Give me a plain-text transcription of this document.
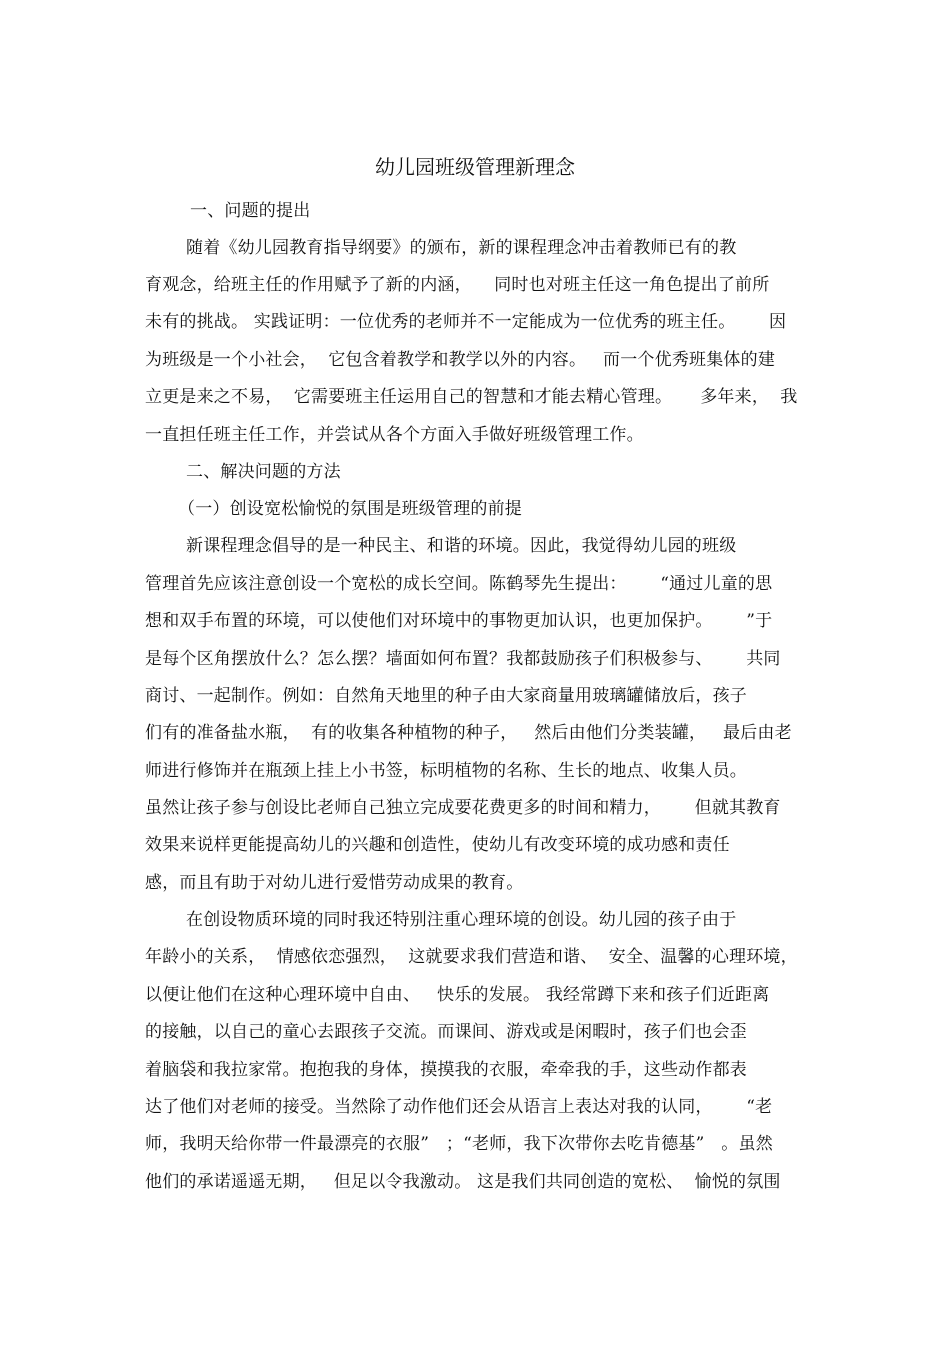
幼儿园班级管理新理念
一、问题的提出
随着《幼儿园教育指导纲要》的颁布，新的课程理念冲击着教师已有的教
育观念，给班主任的作用赋予了新的内涵，    同时也对班主任这一角色提出了前所
未有的挑战。 实践证明：一位优秀的老师并不一定能成为一位优秀的班主任。      因
为班级是一个小社会，  它包含着教学和教学以外的内容。   而一个优秀班集体的建
立更是来之不易，  它需要班主任运用自己的智慧和才能去精心管理。     多年来，  我
一直担任班主任工作，并尝试从各个方面入手做好班级管理工作。
二、解决问题的方法
（一）创设宽松愉悦的氛围是班级管理的前提
新课程理念倡导的是一种民主、和谐的环境。因此，我觉得幼儿园的班级
管理首先应该注意创设一个宽松的成长空间。陈鹤琴先生提出：      “通过儿童的思
想和双手布置的环境，可以使他们对环境中的事物更加认识，也更加保护。      ”于
是每个区角摆放什么？怎么摆？墙面如何布置？我都鼓励孩子们积极参与、      共同
商讨、一起制作。例如：自然角天地里的种子由大家商量用玻璃罐储放后，孩子
们有的准备盐水瓶，  有的收集各种植物的种子，   然后由他们分类装罐，   最后由老
师进行修饰并在瓶颈上挂上小书签，标明植物的名称、生长的地点、收集人员。
虽然让孩子参与创设比老师自己独立完成要花费更多的时间和精力，      但就其教育
效果来说样更能提高幼儿的兴趣和创造性，使幼儿有改变环境的成功感和责任
感，而且有助于对幼儿进行爱惜劳动成果的教育。
在创设物质环境的同时我还特别注重心理环境的创设。幼儿园的孩子由于
年龄小的关系，  情感依恋强烈，  这就要求我们营造和谐、  安全、温馨的心理环境，
以便让他们在这种心理环境中自由、   快乐的发展。 我经常蹲下来和孩子们近距离
的接触，以自己的童心去跟孩子交流。而课间、游戏或是闲暇时，孩子们也会歪
着脑袋和我拉家常。抱抱我的身体，摸摸我的衣服，牵牵我的手，这些动作都表
达了他们对老师的接受。当然除了动作他们还会从语言上表达对我的认同，      “老
师，我明天给你带一件最漂亮的衣服”   ；“老师，我下次带你去吃肯德基”   。虽然
他们的承诺遥遥无期，   但足以令我激动。 这是我们共同创造的宽松、  愉悦的氛围
